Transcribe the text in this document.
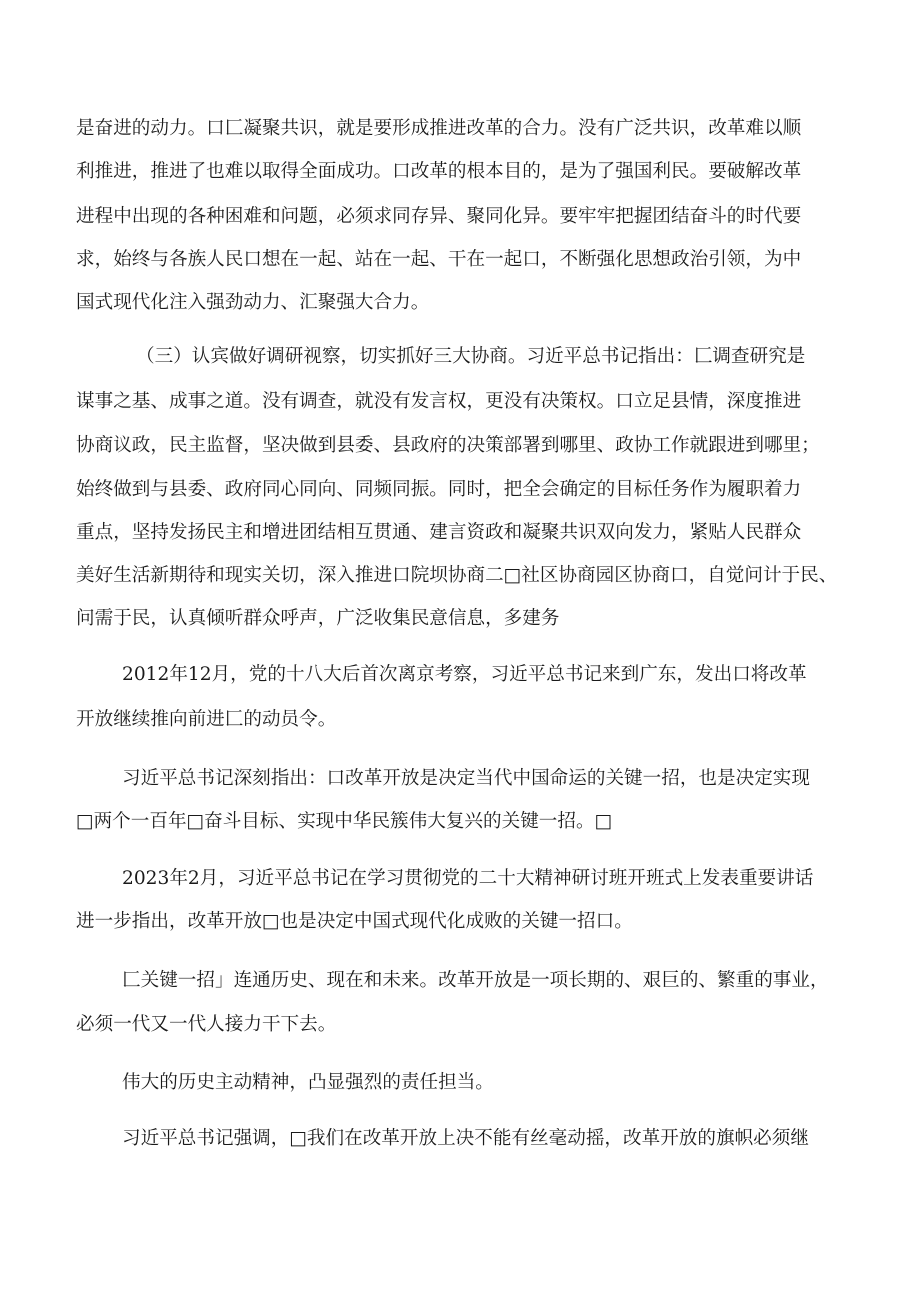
是奋进的动力。口匚凝聚共识，就是要形成推进改革的合力。没有广泛共识，改革难以顺
利推进，推进了也难以取得全面成功。口改革的根本目的，是为了强国利民。要破解改革
进程中出现的各种困难和问题，必须求同存异、聚同化异。要牢牢把握团结奋斗的时代要
求，始终与各族人民口想在一起、站在一起、干在一起口，不断强化思想政治引领，为中
国式现代化注入强劲动力、汇聚强大合力。
（三）认宾做好调研视察，切实抓好三大协商。习近平总书记指出：匚调查研究是
谋事之基、成事之道。没有调查，就没有发言权，更没有决策权。口立足县情，深度推进
协商议政，民主监督，坚决做到县委、县政府的决策部署到哪里、政协工作就跟进到哪里；
始终做到与县委、政府同心同向、同频同振。同时，把全会确定的目标任务作为履职着力
重点，坚持发扬民主和增进团结相互贯通、建言资政和凝聚共识双向发力，紧贴人民群众
美好生活新期待和现实关切，深入推进口院坝协商二□社区协商园区协商口，自觉问计于民、
问需于民，认真倾听群众呼声，广泛收集民意信息，多建务
2012年12月，党的十八大后首次离京考察，习近平总书记来到广东，发出口将改革
开放继续推向前进匚的动员令。
习近平总书记深刻指出：口改革开放是决定当代中国命运的关键一招，也是决定实现
□两个一百年□奋斗目标、实现中华民簇伟大复兴的关键一招。□
2023年2月，习近平总书记在学习贯彻党的二十大精神研讨班开班式上发表重要讲话
进一步指出，改革开放□也是决定中国式现代化成败的关键一招口。
匚关键一招」连通历史、现在和未来。改革开放是一项长期的、艰巨的、繁重的事业，
必须一代又一代人接力干下去。
伟大的历史主动精神，凸显强烈的责任担当。
习近平总书记强调，□我们在改革开放上决不能有丝毫动摇，改革开放的旗帜必须继
